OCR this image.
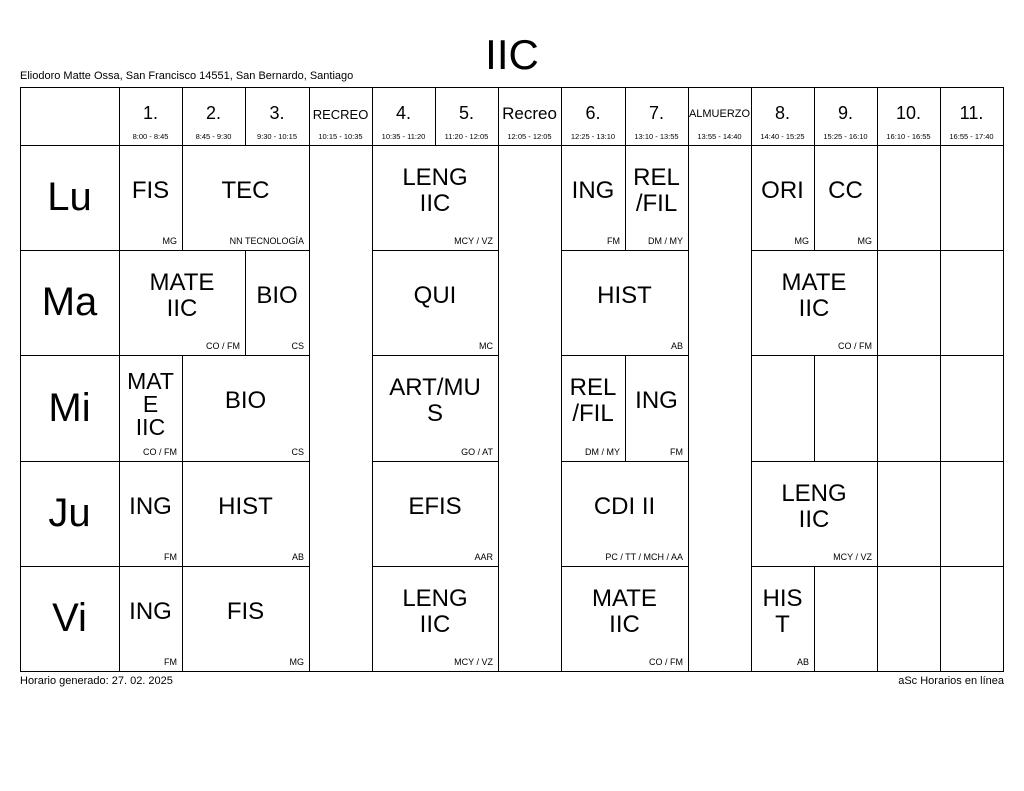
IIC
Eliodoro Matte Ossa, San Francisco 14551, San Bernardo, Santiago
1.
8:00 - 8:45
2.
8:45 - 9:30
3.
9:30 - 10:15
RECREO
10:15 - 10:35
4.
10:35 - 11:20
5.
11:20 - 12:05
Recreo
12:05 - 12:05
6.
12:25 - 13:10
7.
13:10 - 13:55
ALMUERZO
13:55 - 14:40
8.
14:40 - 15:25
9.
15:25 - 16:10
10.
16:10 - 16:55
11.
16:55 - 17:40
Lu
Ma
Mi
Ju
Vi
FIS
MG
TEC
NN TECNOLOGÍA
LENG
IIC
MCY / VZ
ING
FM
REL
/FIL
DM / MY
ORI
MG
CC
MG
MATE
IIC
CO / FM
BIO
CS
QUI
MC
HIST
AB
MATE
IIC
CO / FM
MAT
E
IIC
CO / FM
BIO
CS
ART/MU
S
GO / AT
REL
/FIL
DM / MY
ING
FM
ING
FM
HIST
AB
EFIS
AAR
CDI II
PC / TT / MCH / AA
LENG
IIC
MCY / VZ
ING
FM
FIS
MG
LENG
IIC
MCY / VZ
MATE
IIC
CO / FM
HIS
T
AB
Horario generado: 27. 02. 2025	aSc Horarios en línea
